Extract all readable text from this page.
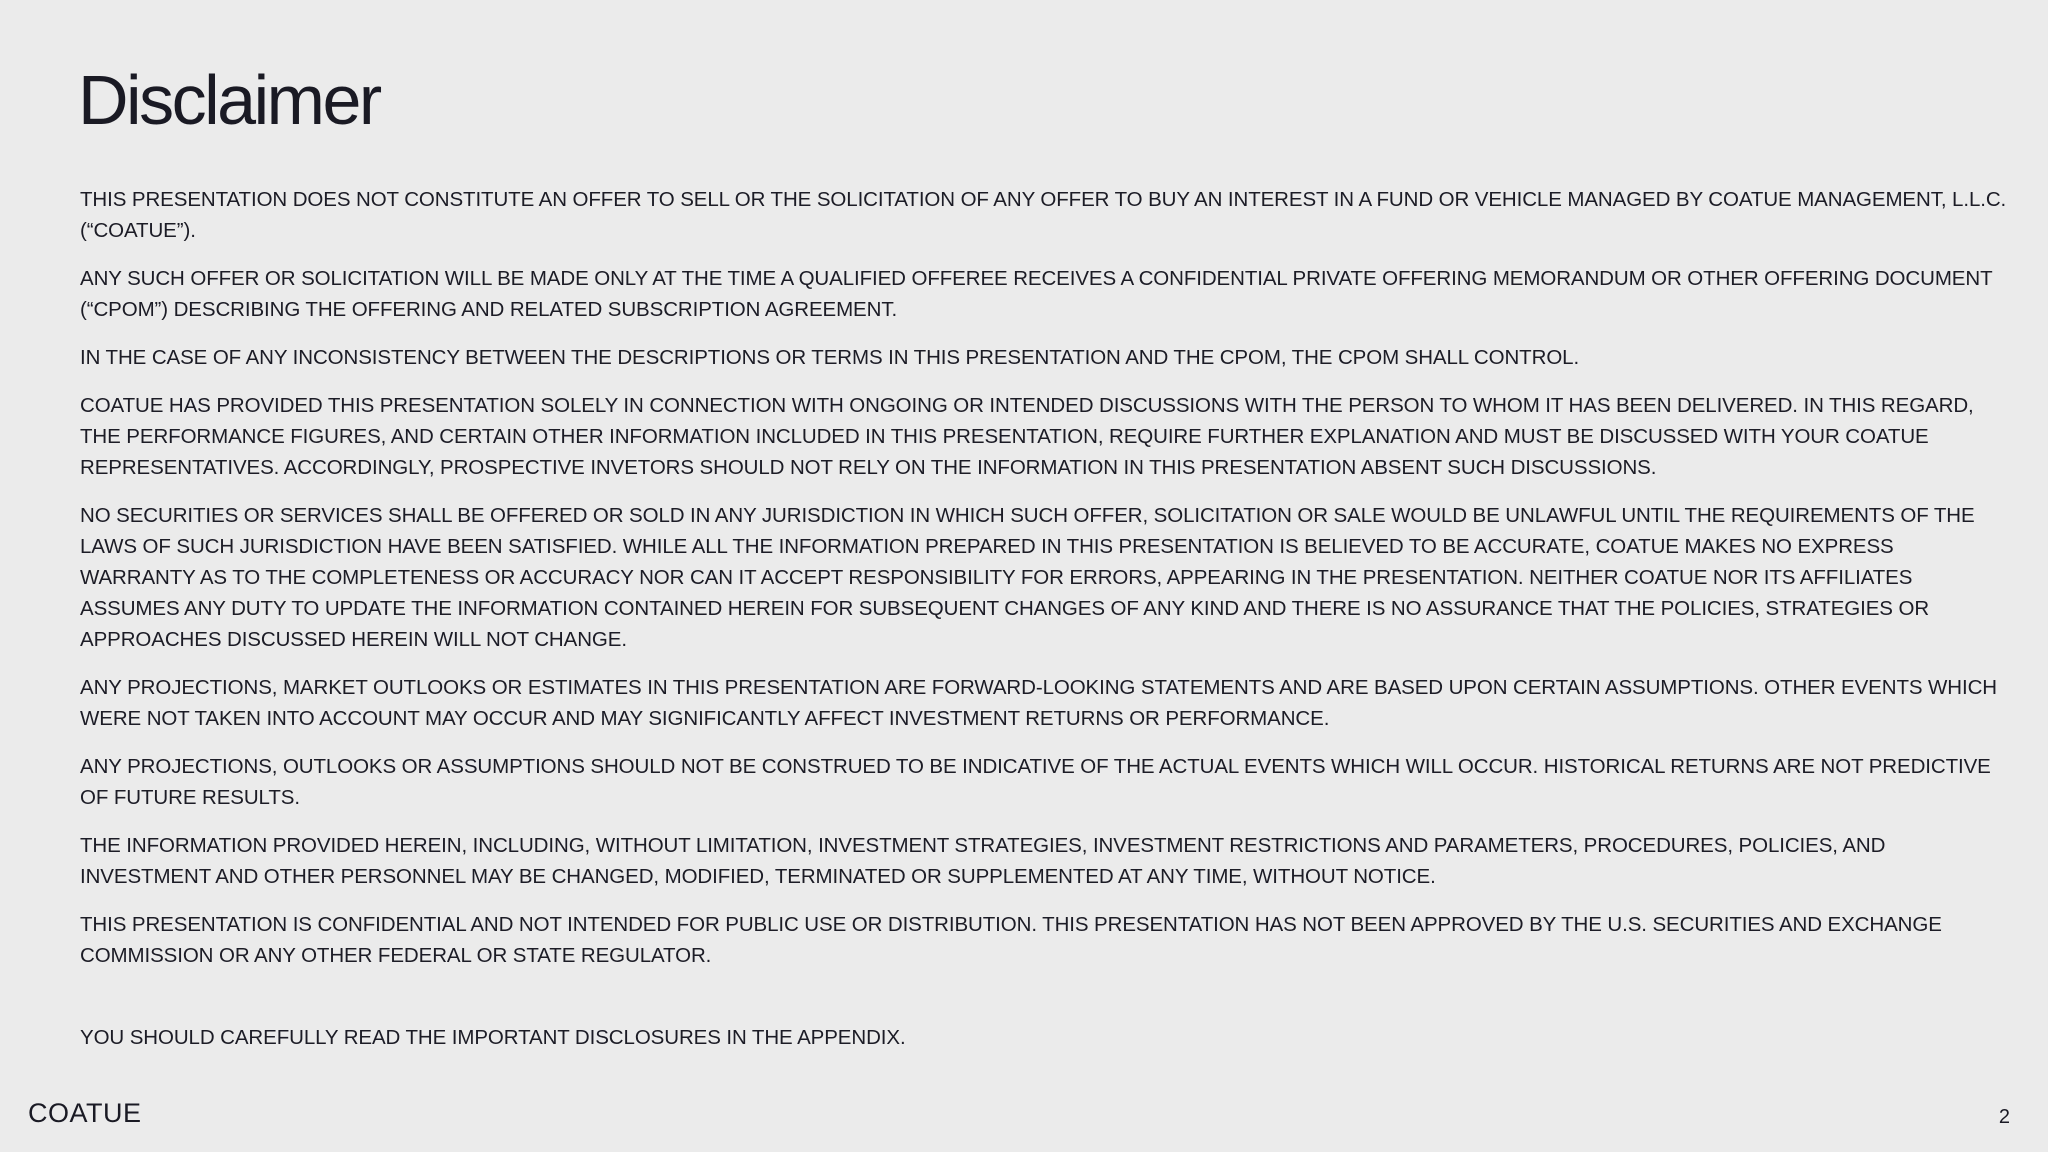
Disclaimer

THIS PRESENTATION DOES NOT CONSTITUTE AN OFFER TO SELL OR THE SOLICITATION OF ANY OFFER TO BUY AN INTEREST IN A FUND OR VEHICLE MANAGED BY COATUE MANAGEMENT, L.L.C. (“COATUE”).

ANY SUCH OFFER OR SOLICITATION WILL BE MADE ONLY AT THE TIME A QUALIFIED OFFEREE RECEIVES A CONFIDENTIAL PRIVATE OFFERING MEMORANDUM OR OTHER OFFERING DOCUMENT (“CPOM”) DESCRIBING THE OFFERING AND RELATED SUBSCRIPTION AGREEMENT.

IN THE CASE OF ANY INCONSISTENCY BETWEEN THE DESCRIPTIONS OR TERMS IN THIS PRESENTATION AND THE CPOM, THE CPOM SHALL CONTROL.

COATUE HAS PROVIDED THIS PRESENTATION SOLELY IN CONNECTION WITH ONGOING OR INTENDED DISCUSSIONS WITH THE PERSON TO WHOM IT HAS BEEN DELIVERED. IN THIS REGARD, THE PERFORMANCE FIGURES, AND CERTAIN OTHER INFORMATION INCLUDED IN THIS PRESENTATION, REQUIRE FURTHER EXPLANATION AND MUST BE DISCUSSED WITH YOUR COATUE REPRESENTATIVES. ACCORDINGLY, PROSPECTIVE INVETORS SHOULD NOT RELY ON THE INFORMATION IN THIS PRESENTATION ABSENT SUCH DISCUSSIONS.

NO SECURITIES OR SERVICES SHALL BE OFFERED OR SOLD IN ANY JURISDICTION IN WHICH SUCH OFFER, SOLICITATION OR SALE WOULD BE UNLAWFUL UNTIL THE REQUIREMENTS OF THE LAWS OF SUCH JURISDICTION HAVE BEEN SATISFIED. WHILE ALL THE INFORMATION PREPARED IN THIS PRESENTATION IS BELIEVED TO BE ACCURATE, COATUE MAKES NO EXPRESS WARRANTY AS TO THE COMPLETENESS OR ACCURACY NOR CAN IT ACCEPT RESPONSIBILITY FOR ERRORS, APPEARING IN THE PRESENTATION. NEITHER COATUE NOR ITS AFFILIATES ASSUMES ANY DUTY TO UPDATE THE INFORMATION CONTAINED HEREIN FOR SUBSEQUENT CHANGES OF ANY KIND AND THERE IS NO ASSURANCE THAT THE POLICIES, STRATEGIES OR APPROACHES DISCUSSED HEREIN WILL NOT CHANGE.

ANY PROJECTIONS, MARKET OUTLOOKS OR ESTIMATES IN THIS PRESENTATION ARE FORWARD-LOOKING STATEMENTS AND ARE BASED UPON CERTAIN ASSUMPTIONS. OTHER EVENTS WHICH WERE NOT TAKEN INTO ACCOUNT MAY OCCUR AND MAY SIGNIFICANTLY AFFECT INVESTMENT RETURNS OR PERFORMANCE.

ANY PROJECTIONS, OUTLOOKS OR ASSUMPTIONS SHOULD NOT BE CONSTRUED TO BE INDICATIVE OF THE ACTUAL EVENTS WHICH WILL OCCUR. HISTORICAL RETURNS ARE NOT PREDICTIVE OF FUTURE RESULTS.

THE INFORMATION PROVIDED HEREIN, INCLUDING, WITHOUT LIMITATION, INVESTMENT STRATEGIES, INVESTMENT RESTRICTIONS AND PARAMETERS, PROCEDURES, POLICIES, AND INVESTMENT AND OTHER PERSONNEL MAY BE CHANGED, MODIFIED, TERMINATED OR SUPPLEMENTED AT ANY TIME, WITHOUT NOTICE.

THIS PRESENTATION IS CONFIDENTIAL AND NOT INTENDED FOR PUBLIC USE OR DISTRIBUTION. THIS PRESENTATION HAS NOT BEEN APPROVED BY THE U.S. SECURITIES AND EXCHANGE COMMISSION OR ANY OTHER FEDERAL OR STATE REGULATOR.

YOU SHOULD CAREFULLY READ THE IMPORTANT DISCLOSURES IN THE APPENDIX.

COATUE	2
